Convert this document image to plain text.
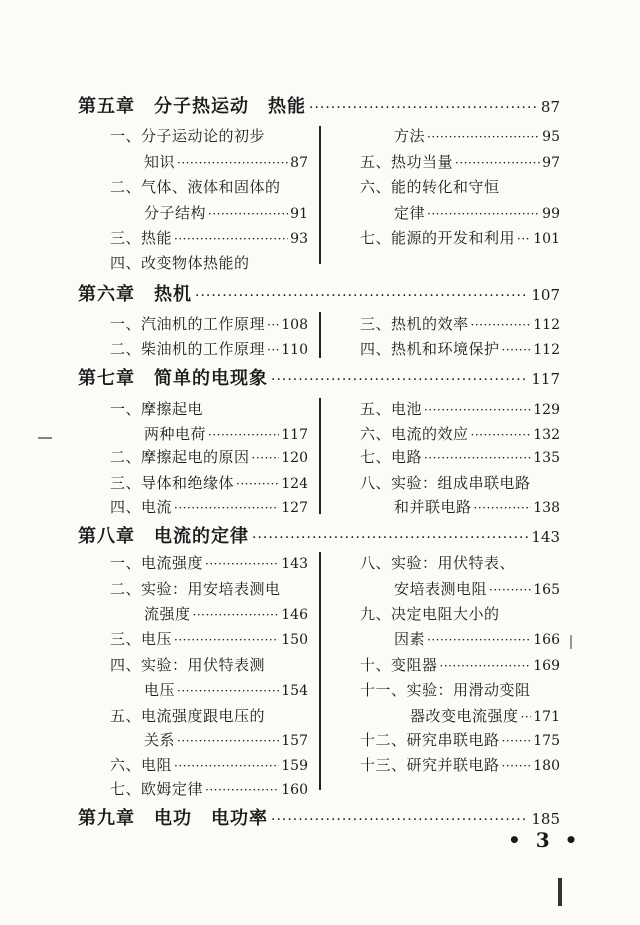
第五章　分子热运动　热能 ·····	87
一、分子运动论的初步
知识 ·····	87
二、气体、液体和固体的
分子结构 ·····	91
三、热能 ·····	93
四、改变物体热能的
方法 ·····	95
五、热功当量 ·····	97
六、能的转化和守恒
定律 ·····	99
七、能源的开发和利用 ····· 101
第六章　热机 ·····	107
一、汽油机的工作原理 ····· 108
二、柴油机的工作原理 ····· 110
三、热机的效率 ·····	112
四、热机和环境保护 ····· 112
第七章　简单的电现象 ·····	117
一、摩擦起电
两种电荷 ·····	117
二、摩擦起电的原因 ····· 120
三、导体和绝缘体 ·····	124
四、电流 ·····	127
五、电池 ·····	129
六、电流的效应 ·····	132
七、电路 ·····	135
八、实验：组成串联电路
和并联电路 ·····	138
第八章　电流的定律 ·····	143
一、电流强度 ·····	143
二、实验：用安培表测电
流强度 ·····	146
三、电压 ·····	150
四、实验：用伏特表测
电压 ·····	154
五、电流强度跟电压的
关系 ·····	157
六、电阻 ·····	159
七、欧姆定律 ·····	160
八、实验：用伏特表、
安培表测电阻 ·····	165
九、决定电阻大小的
因素 ·····	166
十、变阻器 ·····	169
十一、实验：用滑动变阻
器改变电流强度 ····· 171
十二、研究串联电路 ····· 175
十三、研究并联电路 ····· 180
第九章　电功　电功率 ·····	185
• 3 •
